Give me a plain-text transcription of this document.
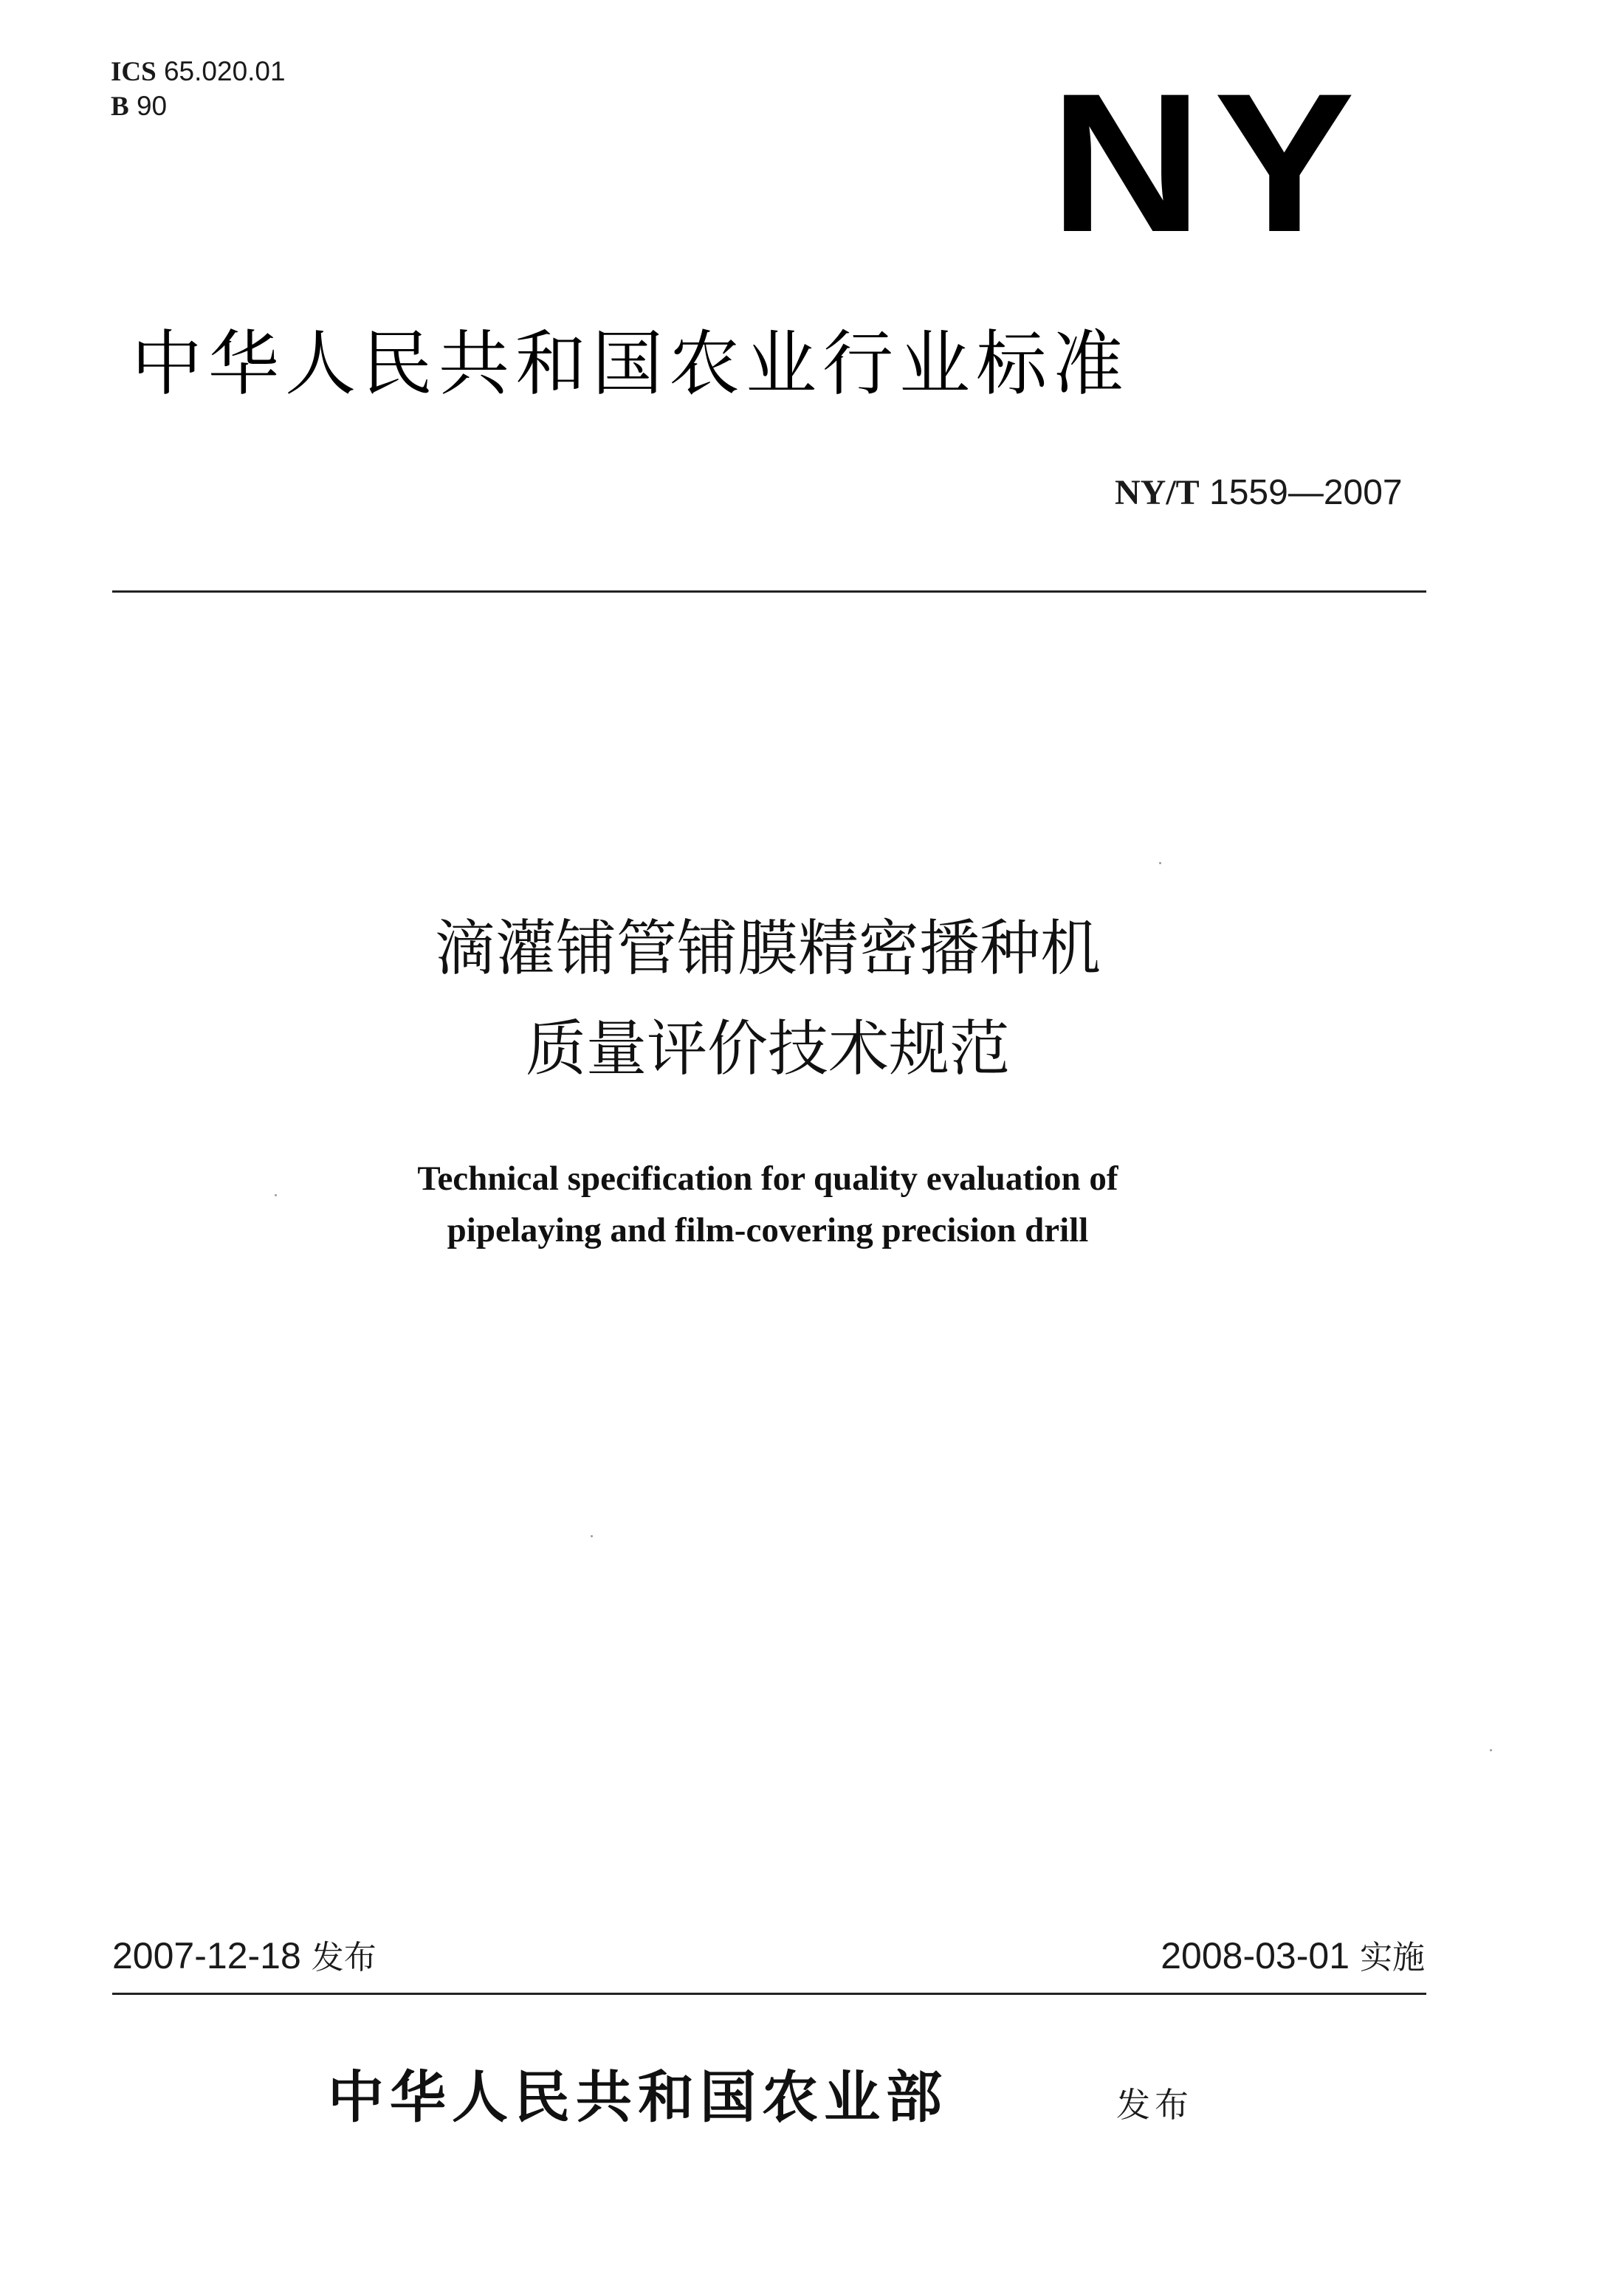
ICS 65.020.01
B 90	NY
中华人民共和国农业行业标准
NY/T 1559—2007
滴灌铺管铺膜精密播种机
质量评价技术规范
Technical specification for quality evaluation of
pipelaying and film-covering precision drill
2007-12-18 发布	2008-03-01 实施
中华人民共和国农业部	发布
